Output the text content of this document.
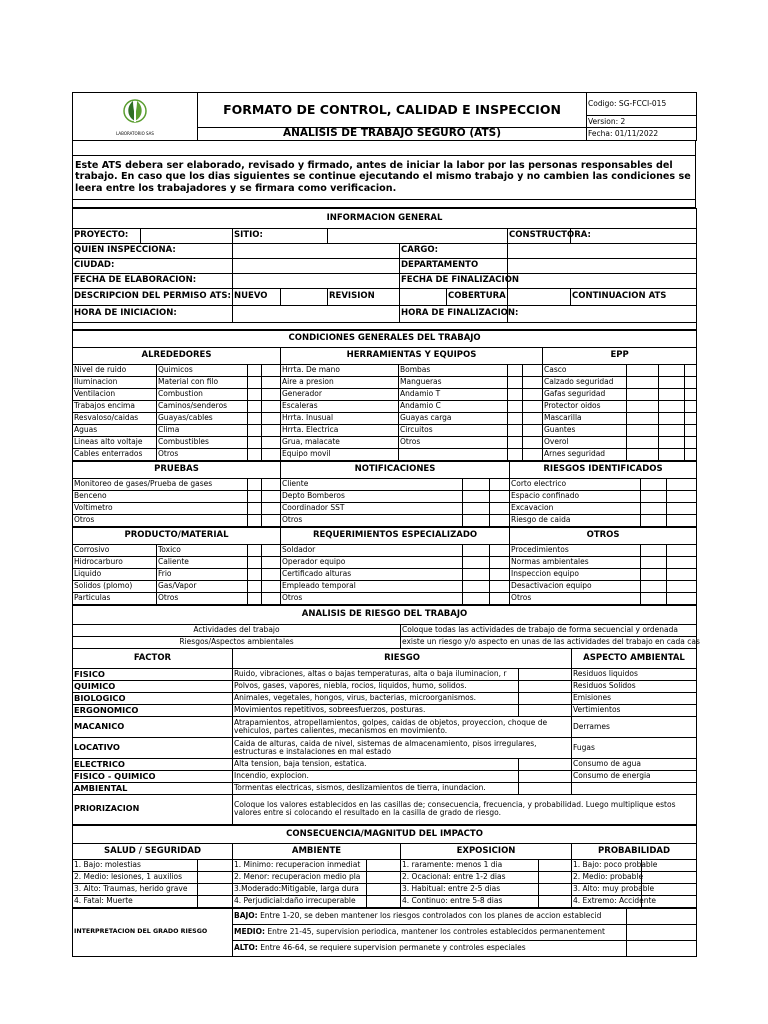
LABORATORIO SAS	FORMATO DE CONTROL, CALIDAD E INSPECCION	Codigo: SG-FCCI-015
		Version: 2
	ANALISIS DE TRABAJO SEGURO (ATS)	Fecha: 01/11/2022

Este ATS debera ser elaborado, revisado y firmado, antes de iniciar la labor por las personas responsables del trabajo. En caso que los dias siguientes se continue ejecutando el mismo trabajo y no cambien las condiciones se leera entre los trabajadores y se firmara como verificacion.

INFORMACION GENERAL								
PROYECTO:		SITIO:					CONSTRUCTORA:	
QUIEN INSPECCIONA:					CARGO:			
CIUDAD:					DEPARTAMENTO			
FECHA DE ELABORACION:					FECHA DE FINALIZACION			
DESCRIPCION DEL PERMISO ATS:		NUEVO		REVISION		COBERTURA		CONTINUACION ATS
HORA DE INICIACION:					HORA DE FINALIZACION:			

CONDICIONES GENERALES DEL TRABAJO											
ALREDEDORES				HERRAMIENTAS Y EQUIPOS				EPP			
Nivel de ruido	Quimicos			Hrrta. De mano	Bombas			Casco			
Iluminacion	Material con filo			Aire a presion	Mangueras			Calzado seguridad			
Ventilacion	Combustion			Generador	Andamio T			Gafas seguridad			
Trabajos encima	Caminos/senderos			Escaleras	Andamio C			Protector oidos			
Resvaloso/caidas	Guayas/cables			Hrrta. Inusual	Guayas carga			Mascarilla			
Aguas	Clima			Hrrta. Electrica	Circuitos			Guantes			
Lineas alto voltaje	Combustibles			Grua, malacate	Otros			Overol			
Cables enterrados	Otros			Equipo movil				Arnes seguridad			
PRUEBAS			NOTIFICACIONES			RIESGOS IDENTIFICADOS		
Monitoreo de gases/Prueba de gases			Cliente			Corto electrico		
Benceno			Depto Bomberos			Espacio confinado		
Voltimetro			Coordinador SST			Excavacion		
Otros			Otros			Riesgo de caida		
PRODUCTO/MATERIAL				REQUERIMIENTOS ESPECIALIZADO			OTROS		
Corrosivo	Toxico			Soldador			Procedimientos		
Hidrocarburo	Caliente			Operador equipo			Normas ambientales		
Liquido	Frio			Certificado alturas			Inspeccion equipo		
Solidos (plomo)	Gas/Vapor			Empleado temporal			Desactivacion equipo		
Particulas	Otros			Otros			Otros		
ANALISIS DE RIESGO DEL TRABAJO				
Actividades del trabajo		Coloque todas las actividades de trabajo de forma secuencial y ordenada		
Riesgos/Aspectos ambientales		existe un riesgo y/o aspecto en unas de las actividades del trabajo en cada cas		
FACTOR	RIESGO			ASPECTO AMBIENTAL
FISICO	Ruido, vibraciones, altas o bajas temperaturas, alta o baja iluminacion, r			Residuos liquidos
QUIMICO	Polvos, gases, vapores, niebla, rocios, liquidos, humo, solidos.			Residuos Solidos
BIOLOGICO	Animales, vegetales, hongos, virus, bacterias, microorganismos.			Emisiones
ERGONOMICO	Movimientos repetitivos, sobreesfuerzos, posturas.			Vertimientos
MACANICO	Atrapamientos, atropellamientos, golpes, caidas de objetos, proyeccion, choque de vehiculos, partes calientes, mecanismos en movimiento.			Derrames
LOCATIVO	Caida de alturas, caida de nivel, sistemas de almacenamiento, pisos irregulares, estructuras e instalaciones en mal estado			Fugas
ELECTRICO	Alta tension, baja tension, estatica.			Consumo de agua
FISICO - QUIMICO	Incendio, explocion.			Consumo de energia
AMBIENTAL	Tormentas electricas, sismos, deslizamientos de tierra, inundacion.			
PRIORIZACION	Coloque los valores establecidos en las casillas de; consecuencia, frecuencia, y probabilidad. Luego multiplique estos valores entre si colocando el resultado en la casilla de grado de riesgo.			
CONSECUENCIA/MAGNITUD DEL IMPACTO							
SALUD / SEGURIDAD		AMBIENTE		EXPOSICION		PROBABILIDAD	
1. Bajo: molestias		1. Minimo: recuperacion inmediat		1. raramente: menos 1 dia		1. Bajo: poco probable	
2. Medio: lesiones, 1 auxilios		2. Menor: recuperacion medio pla		2. Ocacional: entre 1-2 dias		2. Medio: probable	
3. Alto: Traumas, herido grave		3.Moderado:Mitigable, larga dura		3. Habitual: entre 2-5 dias		3. Alto: muy probable	
4. Fatal: Muerte		4. Perjudicial:daño irrecuperable		4. Continuo: entre 5-8 dias		4. Extremo: Accidente	
INTERPRETACION DEL GRADO RIESGO	BAJO: Entre 1-20, se deben mantener los riesgos controlados con los planes de accion establecid	
	MEDIO: Entre 21-45, supervision periodica, mantener los controles establecidos permanentement	
	ALTO: Entre 46-64, se requiere supervision permanete y controles especiales	
